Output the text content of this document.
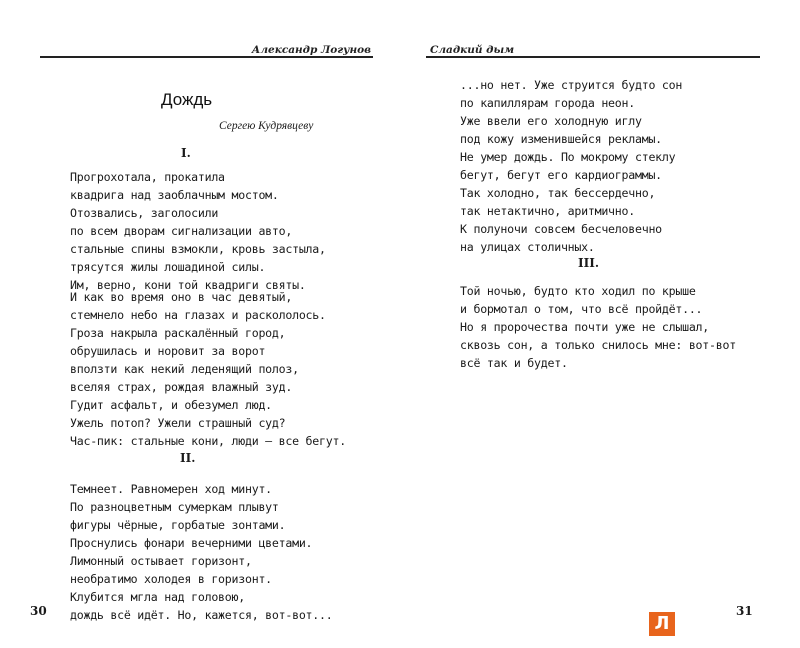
Александр Логунов
Дождь
Сергею Кудрявцеву
I.
Прогрохотала, прокатила
квадрига над заоблачным мостом.
Отозвались, заголосили
по всем дворам сигнализации авто,
стальные спины взмокли, кровь застыла,
трясутся жилы лошадиной силы.
Им, верно, кони той квадриги святы.
И как во время оно в час девятый,
стемнело небо на глазах и раскололось.
Гроза накрыла раскалённый город,
обрушилась и норовит за ворот
вползти как некий леденящий полоз,
вселяя страх, рождая влажный зуд.
Гудит асфальт, и обезумел люд.
Ужель потоп? Ужели страшный суд?
Час-пик: стальные кони, люди – все бегут.
II.
Темнеет. Равномерен ход минут.
По разноцветным сумеркам плывут
фигуры чёрные, горбатые зонтами.
Проснулись фонари вечерними цветами.
Лимонный остывает горизонт,
необратимо холодея в горизонт.
Клубится мгла над головою,
дождь всё идёт. Но, кажется, вот-вот...
30
Сладкий дым
...но нет. Уже струится будто сон
по капиллярам города неон.
Уже ввели его холодную иглу
под кожу изменившейся рекламы.
Не умер дождь. По мокрому стеклу
бегут, бегут его кардиограммы.
Так холодно, так бессердечно,
так нетактично, аритмично.
К полуночи совсем бесчеловечно
на улицах столичных.
III.
Той ночью, будто кто ходил по крыше
и бормотал о том, что всё пройдёт...
Но я пророчества почти уже не слышал,
сквозь сон, а только снилось мне: вот-вот
всё так и будет.
31
Л
